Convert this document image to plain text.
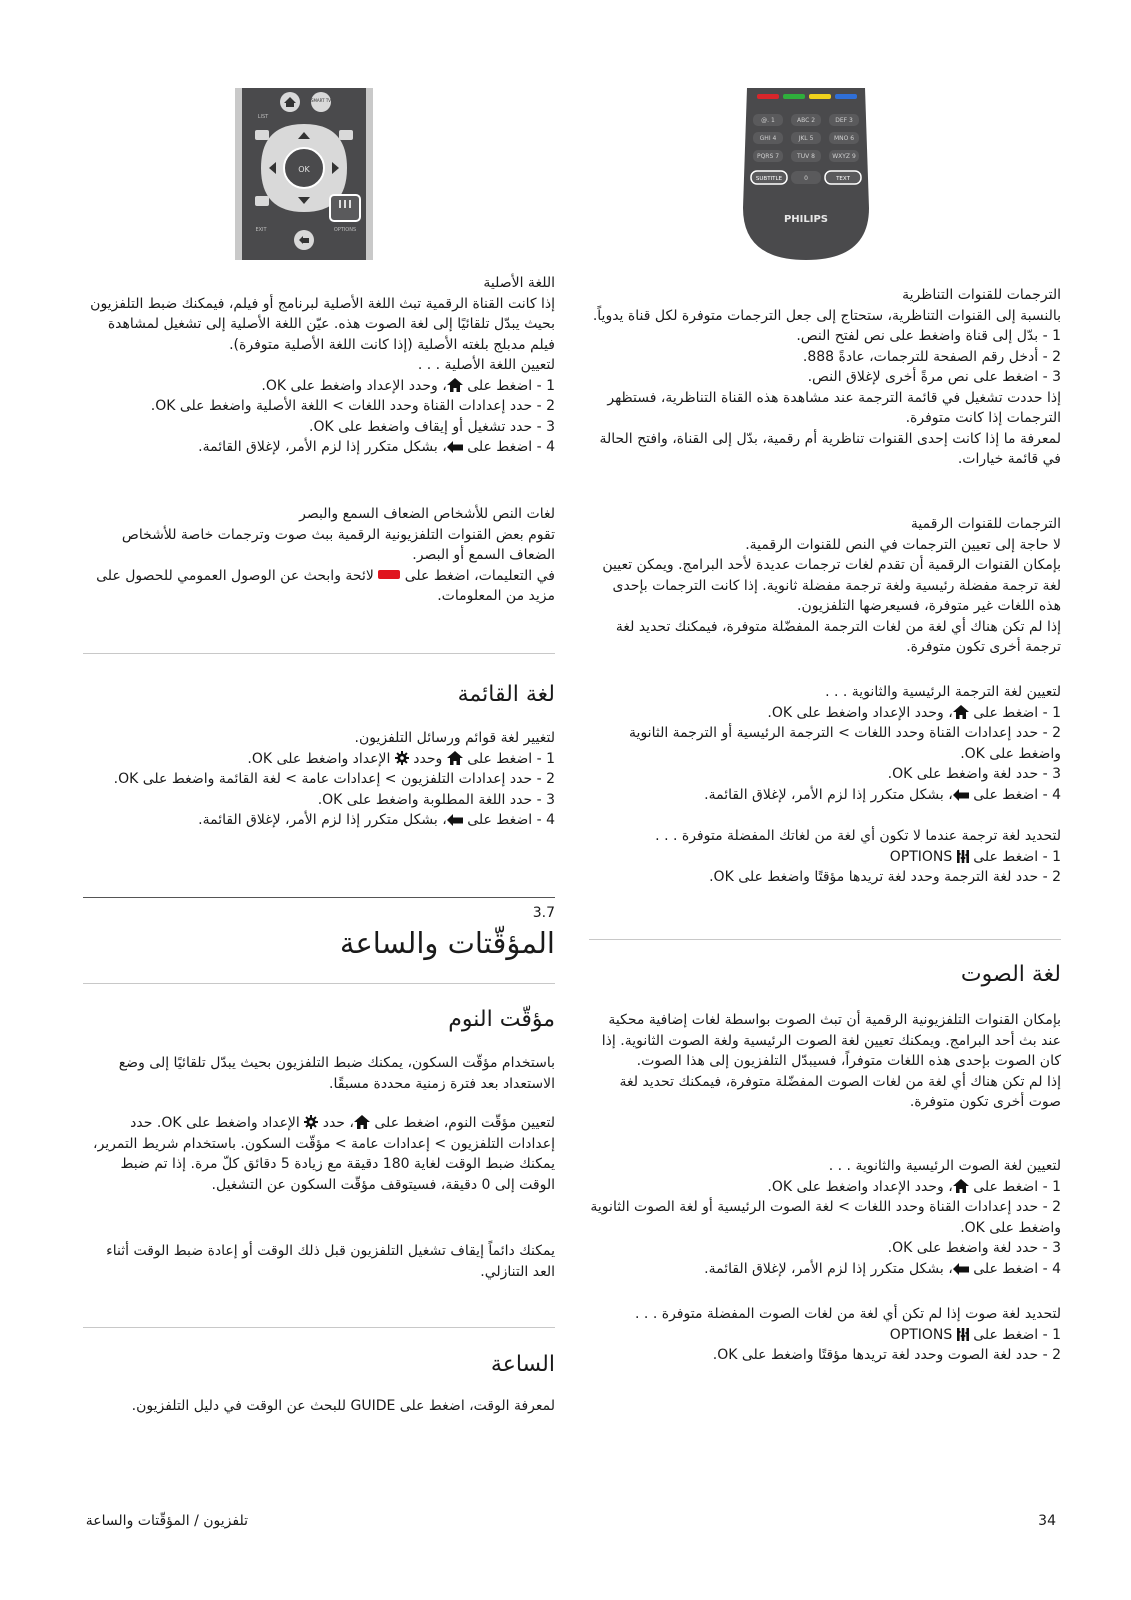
1 .@	2 ABC	DEF 3
4 GHI	5 JKL	MNO 6
7 PQRS	8 TUV	WXYZ 9
SUBTITLE	0	TEXT
PHILIPS
SMART TV
LIST
OK
OPTIONS
EXIT

الترجمات للقنوات التناظرية

بالنسبة إلى القنوات التناظرية، ستحتاج إلى جعل الترجمات متوفرة لكل قناة يدوياً.

1 - بدّل إلى قناة واضغط على نص لفتح النص.

2 - أدخل رقم الصفحة للترجمات، عادةً 888.

3 - اضغط على نص مرةً أخرى لإغلاق النص.

إذا حددت تشغيل في قائمة الترجمة عند مشاهدة هذه القناة التناظرية، فستظهر الترجمات إذا كانت متوفرة.

لمعرفة ما إذا كانت إحدى القنوات تناظرية أم رقمية، بدّل إلى القناة، وافتح الحالة في قائمة خيارات.

الترجمات للقنوات الرقمية

لا حاجة إلى تعيين الترجمات في النص للقنوات الرقمية.

بإمكان القنوات الرقمية أن تقدم لغات ترجمات عديدة لأحد البرامج. ويمكن تعيين لغة ترجمة مفضلة رئيسية ولغة ترجمة مفضلة ثانوية. إذا كانت الترجمات بإحدى هذه اللغات غير متوفرة، فسيعرضها التلفزيون.

إذا لم تكن هناك أي لغة من لغات الترجمة المفضّلة متوفرة، فيمكنك تحديد لغة ترجمة أخرى تكون متوفرة.

لتعيين لغة الترجمة الرئيسية والثانوية . . .

1 - اضغط على ، وحدد الإعداد واضغط على OK.

2 - حدد إعدادات القناة وحدد اللغات > الترجمة الرئيسية أو الترجمة الثانوية واضغط على OK.

3 - حدد لغة واضغط على OK.

4 - اضغط على ، بشكل متكرر إذا لزم الأمر، لإغلاق القائمة.

لتحديد لغة ترجمة عندما لا تكون أي لغة من لغاتك المفضلة متوفرة . . .

1 - اضغط على  OPTIONS

2 - حدد لغة الترجمة وحدد لغة تريدها مؤقتًا واضغط على OK.

لغة الصوت

بإمكان القنوات التلفزيونية الرقمية أن تبث الصوت بواسطة لغات إضافية محكية عند بث أحد البرامج. ويمكنك تعيين لغة الصوت الرئيسية ولغة الصوت الثانوية. إذا كان الصوت بإحدى هذه اللغات متوفراً، فسيبدّل التلفزيون إلى هذا الصوت.

إذا لم تكن هناك أي لغة من لغات الصوت المفضّلة متوفرة، فيمكنك تحديد لغة صوت أخرى تكون متوفرة.

لتعيين لغة الصوت الرئيسية والثانوية . . .

1 - اضغط على ، وحدد الإعداد واضغط على OK.

2 - حدد إعدادات القناة وحدد اللغات > لغة الصوت الرئيسية أو لغة الصوت الثانوية واضغط على OK.

3 - حدد لغة واضغط على OK.

4 - اضغط على ، بشكل متكرر إذا لزم الأمر، لإغلاق القائمة.

لتحديد لغة صوت إذا لم تكن أي لغة من لغات الصوت المفضلة متوفرة . . .

1 - اضغط على  OPTIONS

2 - حدد لغة الصوت وحدد لغة تريدها مؤقتًا واضغط على OK.

اللغة الأصلية

إذا كانت القناة الرقمية تبث اللغة الأصلية لبرنامج أو فيلم، فيمكنك ضبط التلفزيون بحيث يبدّل تلقائيًا إلى لغة الصوت هذه. عيّن اللغة الأصلية إلى تشغيل لمشاهدة فيلم مدبلج بلغته الأصلية (إذا كانت اللغة الأصلية متوفرة).

لتعيين اللغة الأصلية . . .

1 - اضغط على ، وحدد الإعداد واضغط على OK.

2 - حدد إعدادات القناة وحدد اللغات > اللغة الأصلية واضغط على OK.

3 - حدد تشغيل أو إيقاف واضغط على OK.

4 - اضغط على ، بشكل متكرر إذا لزم الأمر، لإغلاق القائمة.

لغات النص للأشخاص الضعاف السمع والبصر

تقوم بعض القنوات التلفزيونية الرقمية ببث صوت وترجمات خاصة للأشخاص الضعاف السمع أو البصر.

في التعليمات، اضغط على  لائحة وابحث عن الوصول العمومي للحصول على مزيد من المعلومات.

لغة القائمة

لتغيير لغة قوائم ورسائل التلفزيون.

1 - اضغط على  وحدد  الإعداد واضغط على OK.

2 - حدد إعدادات التلفزيون > إعدادات عامة > لغة القائمة واضغط على OK.

3 - حدد اللغة المطلوبة واضغط على OK.

4 - اضغط على ، بشكل متكرر إذا لزم الأمر، لإغلاق القائمة.

3.7

المؤقّتات والساعة
مؤقّت النوم

باستخدام مؤقّت السكون، يمكنك ضبط التلفزيون بحيث يبدّل تلقائيًا إلى وضع الاستعداد بعد فترة زمنية محددة مسبقًا.

لتعيين مؤقّت النوم، اضغط على ، حدد  الإعداد واضغط على OK. حدد إعدادات التلفزيون > إعدادات عامة > مؤقّت السكون. باستخدام شريط التمرير، يمكنك ضبط الوقت لغاية 180 دقيقة مع زيادة 5 دقائق كلّ مرة. إذا تم ضبط الوقت إلى 0 دقيقة، فسيتوقف مؤقّت السكون عن التشغيل.

يمكنك دائماً إيقاف تشغيل التلفزيون قبل ذلك الوقت أو إعادة ضبط الوقت أثناء العد التنازلي.

الساعة

لمعرفة الوقت، اضغط على GUIDE للبحث عن الوقت في دليل التلفزيون.

34
تلفزيون / المؤقّتات والساعة
